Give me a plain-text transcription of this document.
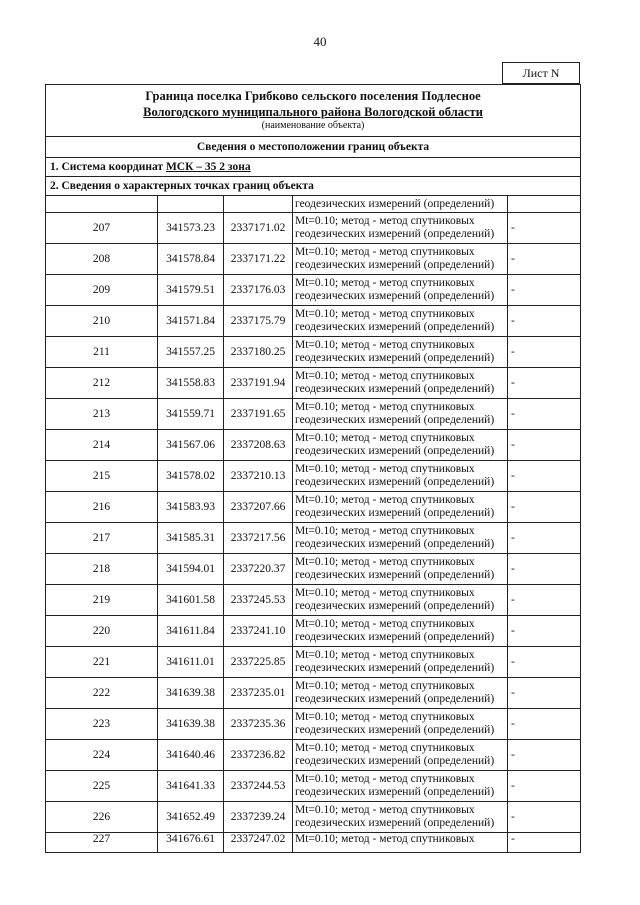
40
Лист N
Граница поселка Грибково сельского поселения Подлесное
Вологодского муниципального района Вологодской области
(наименование объекта)				

Сведения о местоположении границ объекта				
1. Система координат МСК – 35 2 зона				
2. Сведения о характерных точках границ объекта				
			геодезических измерений (определений)	
207	341573.23	2337171.02	Mt=0.10; метод - метод спутниковых
геодезических измерений (определений)	-
208	341578.84	2337171.22	Mt=0.10; метод - метод спутниковых
геодезических измерений (определений)	-
209	341579.51	2337176.03	Mt=0.10; метод - метод спутниковых
геодезических измерений (определений)	-
210	341571.84	2337175.79	Mt=0.10; метод - метод спутниковых
геодезических измерений (определений)	-
211	341557.25	2337180.25	Mt=0.10; метод - метод спутниковых
геодезических измерений (определений)	-
212	341558.83	2337191.94	Mt=0.10; метод - метод спутниковых
геодезических измерений (определений)	-
213	341559.71	2337191.65	Mt=0.10; метод - метод спутниковых
геодезических измерений (определений)	-
214	341567.06	2337208.63	Mt=0.10; метод - метод спутниковых
геодезических измерений (определений)	-
215	341578.02	2337210.13	Mt=0.10; метод - метод спутниковых
геодезических измерений (определений)	-
216	341583.93	2337207.66	Mt=0.10; метод - метод спутниковых
геодезических измерений (определений)	-
217	341585.31	2337217.56	Mt=0.10; метод - метод спутниковых
геодезических измерений (определений)	-
218	341594.01	2337220.37	Mt=0.10; метод - метод спутниковых
геодезических измерений (определений)	-
219	341601.58	2337245.53	Mt=0.10; метод - метод спутниковых
геодезических измерений (определений)	-
220	341611.84	2337241.10	Mt=0.10; метод - метод спутниковых
геодезических измерений (определений)	-
221	341611.01	2337225.85	Mt=0.10; метод - метод спутниковых
геодезических измерений (определений)	-
222	341639.38	2337235.01	Mt=0.10; метод - метод спутниковых
геодезических измерений (определений)	-
223	341639.38	2337235.36	Mt=0.10; метод - метод спутниковых
геодезических измерений (определений)	-
224	341640.46	2337236.82	Mt=0.10; метод - метод спутниковых
геодезических измерений (определений)	-
225	341641.33	2337244.53	Mt=0.10; метод - метод спутниковых
геодезических измерений (определений)	-
226	341652.49	2337239.24	Mt=0.10; метод - метод спутниковых
геодезических измерений (определений)	-
227	341676.61	2337247.02	Mt=0.10; метод - метод спутниковых	-
